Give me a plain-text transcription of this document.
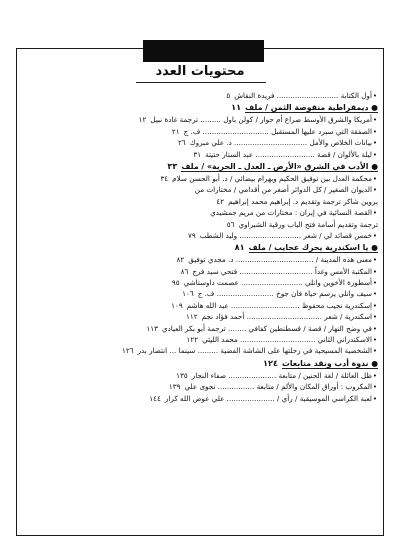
محتويات العدد
•أول الكتابة ........................... فريدة النقاش٥
● ديمقراطية منقوصة الثمن / ملف١١
•أمريكا والشرق الأوسط صراع أم حوار / كولن باول ......... ترجمة غادة نبيل١٢
•الصفقة التي سيرد عليها المستقبل ............................. ف. ج٢١
•بيانات الخلاص والأمل ................................ د. علي مبروك٢٦
•ليلة بالألوان / قصة .......................... عبد الستار حتيتة٣١
● الأدب في الشرق «الأرض ـ العدل ـ الحرية» / ملف٣٣
•محكمة العدل بين توفيق الحكيم وبهرام بيضائي / د. أبو الحسن سلام٣٤
•الديوان الصغير / كل الدوائر أصغر من أقدامي / مختارات من
بروين شاكر ترجمة وتقديم د. إبراهيم محمد إبراهيم٤٢
•القصة النسائية في إيران : مختارات من مريم جمشيدي
ترجمة وتقديم أسامة فتح الباب ورقية الشبراوي٥٦
•خمس قصائد لي / شعر ........................... وليد الشطب٧٩
● يا اسكندرية يحرك عجايب / ملف٨١
•معنى هذه المدينة / .................................. د. مجدي توفيق٨٢
•المكتبة الأمس وغداً ................................ فتحي سيد فرج٨٦
•أسطورة الأخوين وانلي ........................... عصمت داوستاشي٩٥
•سيف وانلي يرسم حياة فان جوخ ......................... ف. ج١٠٦
•إسكندرية نجيب محفوظ .............................. عبد الله هاشم١٠٩
•اسكندرية / شعر ................................. أحمد فؤاد نجم١١٢
•في وضح النهار / قصة / قسطنطين كفافي ........ ترجمة أبو بكر العيادي١١٣
•الاسكندراني الثاني ................................. محمد الليثي١٢٢
•الشخصية المسيحية في رحلتها على الشاشة الفضية ......... سينما ... انتصار بدر١٢٦
● ندوة أدب ونقد متابعات١٢٤
•ظل العائلة / لغة الحنين / متابعة ..................... صفاء النجار١٣٥
•المكروب : أوراق المكان والألم / متابعة ................ نجوى علي١٣٩
•لعبة الكراسي الموسيقية / رأي / ..................... علي عوض الله كرار١٤٤
